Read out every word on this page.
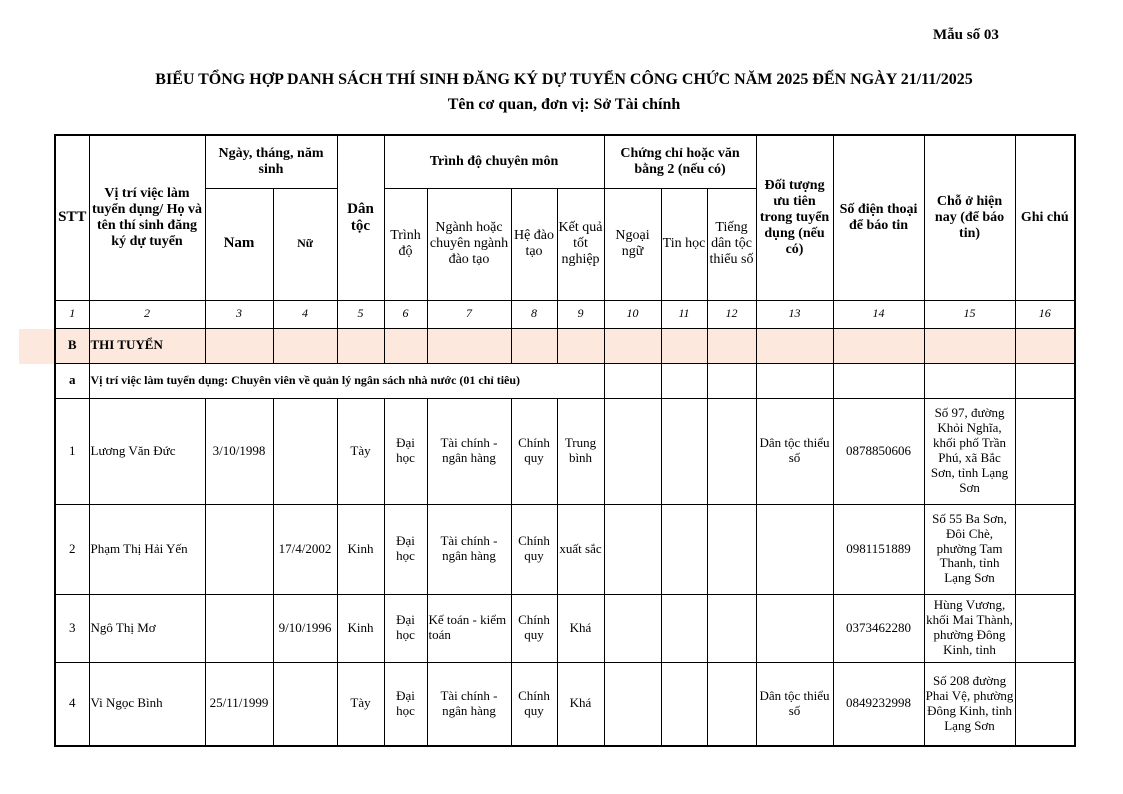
Mẫu số 03
BIỂU TỔNG HỢP DANH SÁCH THÍ SINH ĐĂNG KÝ DỰ TUYỂN CÔNG CHỨC NĂM 2025 ĐẾN NGÀY 21/11/2025
Tên cơ quan, đơn vị: Sở Tài chính
STT	Vị trí việc làm tuyển dụng/ Họ và tên thí sinh đăng ký dự tuyển	Ngày, tháng, năm sinh		Dân tộc	Trình độ chuyên môn				Chứng chỉ hoặc văn bằng 2 (nếu có)			Đối tượng ưu tiên trong tuyển dụng (nếu có)	Số điện thoại để báo tin	Chỗ ở hiện nay (để báo tin)	Ghi chú
		Nam	Nữ		Trình độ	Ngành hoặc chuyên ngành đào tạo	Hệ đào tạo	Kết quả tốt nghiệp	Ngoại ngữ	Tin học	Tiếng dân tộc thiểu số				
1	2	3	4	5	6	7	8	9	10	11	12	13	14	15	16
B	THI TUYỂN														
a	Vị trí việc làm tuyển dụng: Chuyên viên về quản lý ngân sách nhà nước (01 chỉ tiêu)														
1	Lương Văn Đức	3/10/1998		Tày	Đại học	Tài chính - ngân hàng	Chính quy	Trung bình				Dân tộc thiểu số	0878850606	Số 97, đường Khỏi Nghĩa, khối phố Trần Phú, xã Bắc Sơn, tỉnh Lạng Sơn	
2	Phạm Thị Hải Yến		17/4/2002	Kinh	Đại học	Tài chính - ngân hàng	Chính quy	xuất sắc					0981151889	Số 55 Ba Sơn, Đôi Chè, phường Tam Thanh, tỉnh Lạng Sơn	
3	Ngô Thị Mơ		9/10/1996	Kinh	Đại học	Kế toán - kiểm toán	Chính quy	Khá					0373462280	Hùng Vương, khối Mai Thành, phường Đông Kinh, tỉnh	
4	Vi Ngọc Bình	25/11/1999		Tày	Đại học	Tài chính - ngân hàng	Chính quy	Khá				Dân tộc thiểu số	0849232998	Số 208 đường Phai Vệ, phường Đông Kinh, tỉnh Lạng Sơn	
